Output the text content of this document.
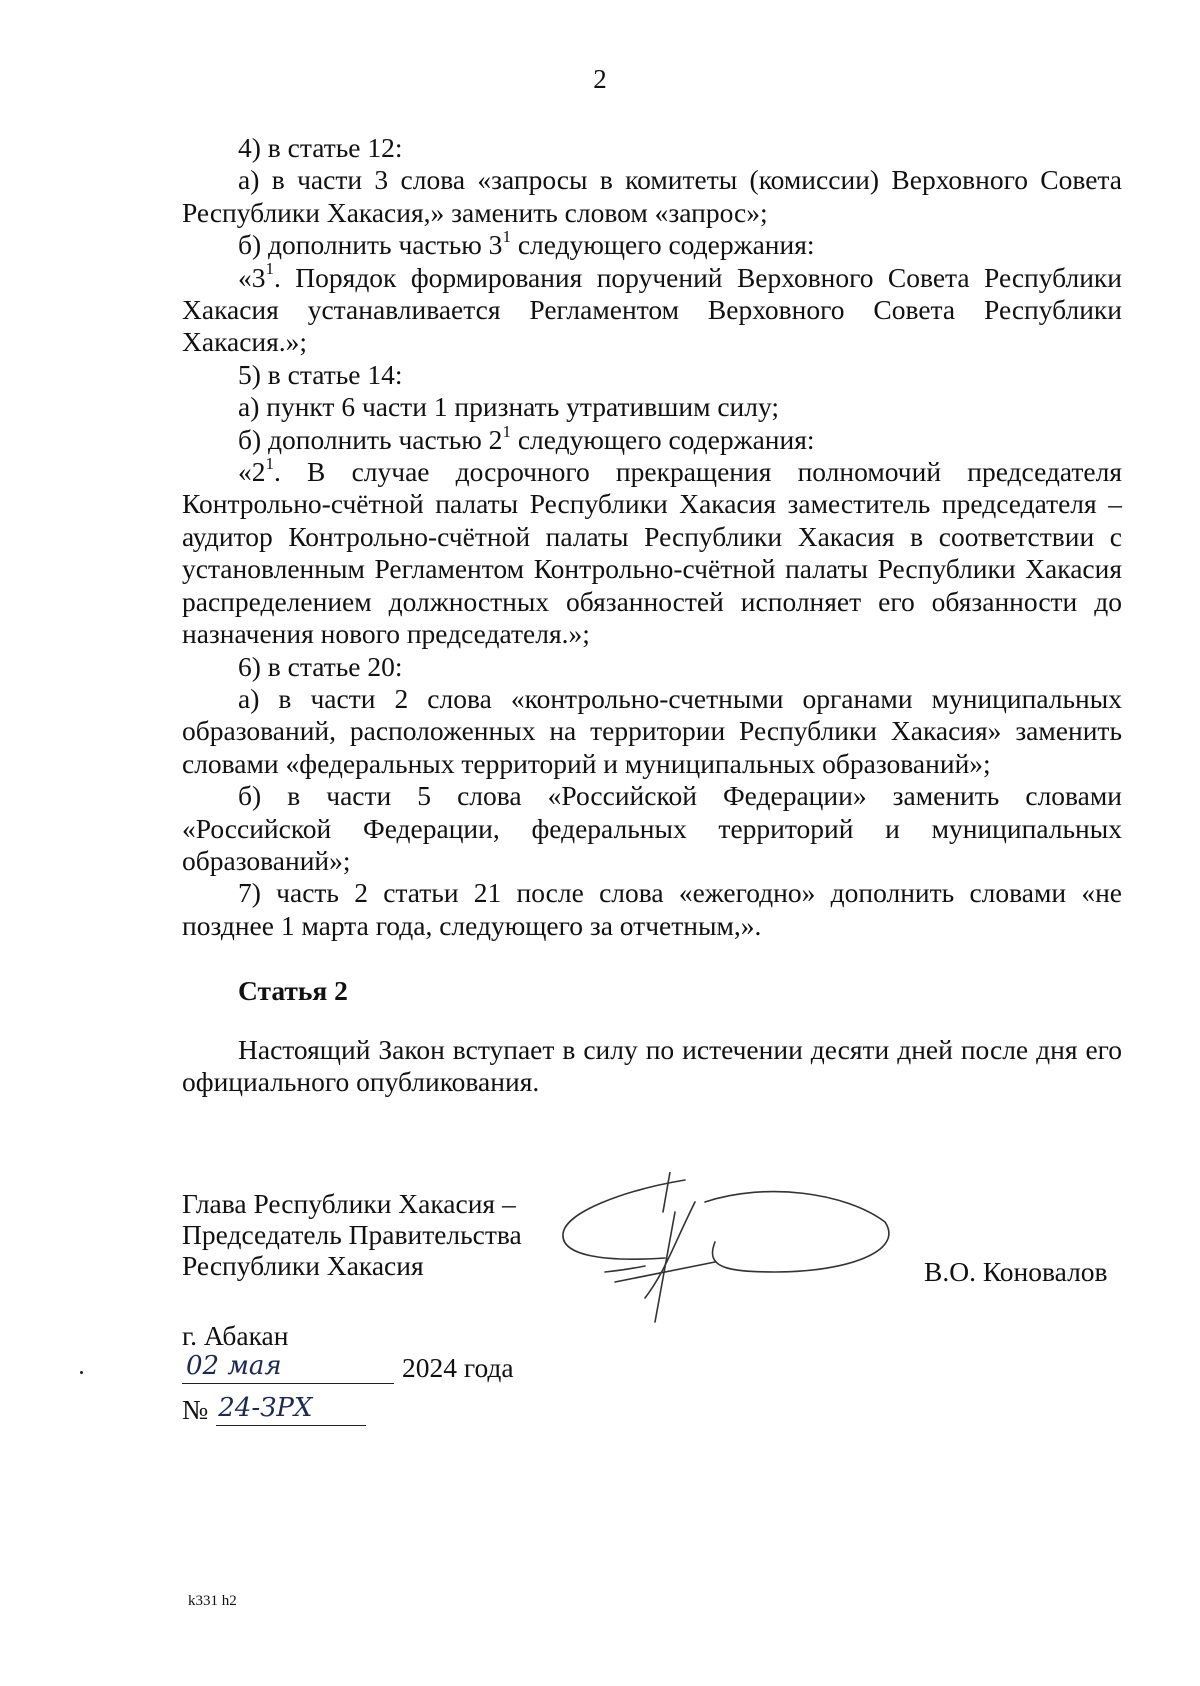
2

4) в статье 12:

а) в части 3 слова «запросы в комитеты (комиссии) Верховного Совета Республики Хакасия,» заменить словом «запрос»;

б) дополнить частью $3^1$ следующего содержания:

«$3^1$. Порядок формирования поручений Верховного Совета Республики Хакасия устанавливается Регламентом Верховного Совета Республики Хакасия.»;

5) в статье 14:

а) пункт 6 части 1 признать утратившим силу;

б) дополнить частью $2^1$ следующего содержания:

«$2^1$. В случае досрочного прекращения полномочий председателя Контрольно-счётной палаты Республики Хакасия заместитель председателя – аудитор Контрольно-счётной палаты Республики Хакасия в соответствии с установленным Регламентом Контрольно-счётной палаты Республики Хакасия распределением должностных обязанностей исполняет его обязанности до назначения нового председателя.»;

6) в статье 20:

а) в части 2 слова «контрольно-счетными органами муниципальных образований, расположенных на территории Республики Хакасия» заменить словами «федеральных территорий и муниципальных образований»;

б) в части 5 слова «Российской Федерации» заменить словами «Российской Федерации, федеральных территорий и муниципальных образований»;

7) часть 2 статьи 21 после слова «ежегодно» дополнить словами «не позднее 1 марта года, следующего за отчетным,».

Статья 2

Настоящий Закон вступает в силу по истечении десяти дней после дня его официального опубликования.

Глава Республики Хакасия –
Председатель Правительства
Республики Хакасия	В.О. Коновалов
г. Абакан
02 мая	2024 года
№ 24-ЗРХ
k331 h2
